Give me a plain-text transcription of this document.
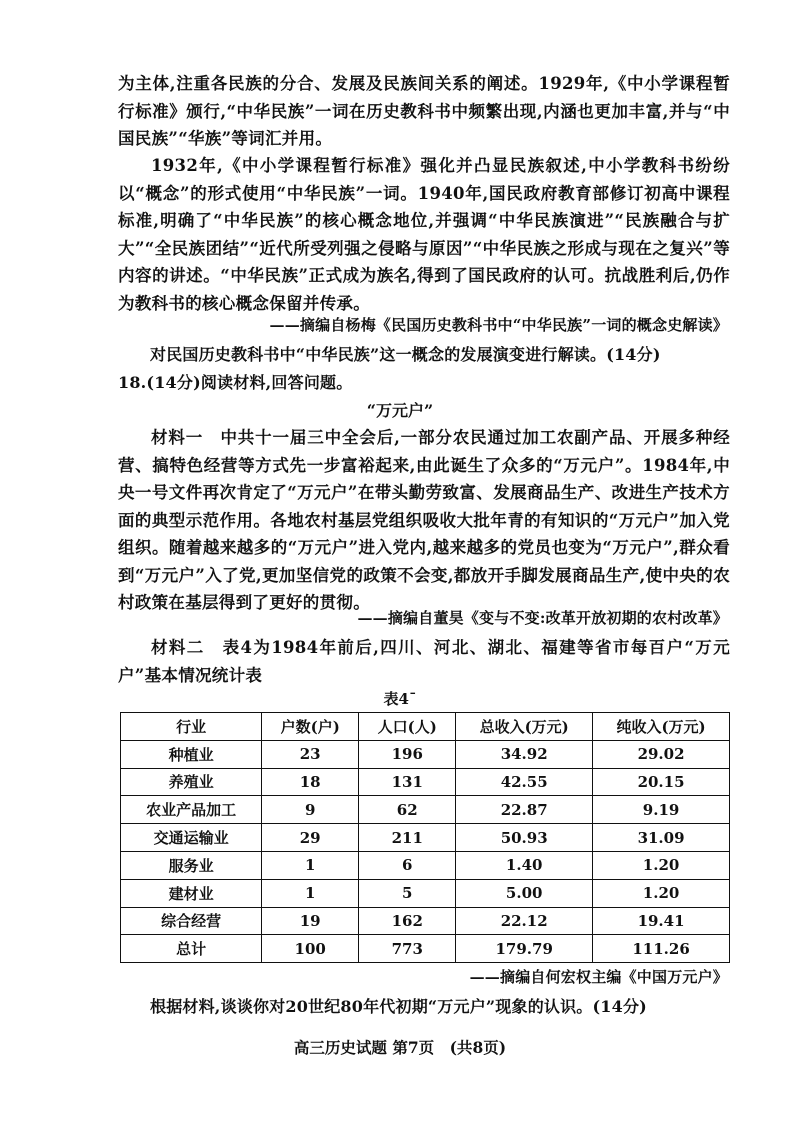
为主体,注重各民族的分合、发展及民族间关系的阐述。1929年,《中小学课程暂行标准》颁行,“中华民族”一词在历史教科书中频繁出现,内涵也更加丰富,并与“中国民族”“华族”等词汇并用。
1932年,《中小学课程暂行标准》强化并凸显民族叙述,中小学教科书纷纷以“概念”的形式使用“中华民族”一词。1940年,国民政府教育部修订初高中课程标准,明确了“中华民族”的核心概念地位,并强调“中华民族演进”“民族融合与扩大”“全民族团结”“近代所受列强之侵略与原因”“中华民族之形成与现在之复兴”等内容的讲述。“中华民族”正式成为族名,得到了国民政府的认可。抗战胜利后,仍作为教科书的核心概念保留并传承。
——摘编自杨梅《民国历史教科书中“中华民族”一词的概念史解读》
对民国历史教科书中“中华民族”这一概念的发展演变进行解读。(14分)
18.(14分)阅读材料,回答问题。
“万元户”
材料一　中共十一届三中全会后,一部分农民通过加工农副产品、开展多种经营、搞特色经营等方式先一步富裕起来,由此诞生了众多的“万元户”。1984年,中央一号文件再次肯定了“万元户”在带头勤劳致富、发展商品生产、改进生产技术方面的典型示范作用。各地农村基层党组织吸收大批年青的有知识的“万元户”加入党组织。随着越来越多的“万元户”进入党内,越来越多的党员也变为“万元户”,群众看到“万元户”入了党,更加坚信党的政策不会变,都放开手脚发展商品生产,使中央的农村政策在基层得到了更好的贯彻。
——摘编自董昊《变与不变:改革开放初期的农村改革》
材料二　表4为1984年前后,四川、河北、湖北、福建等省市每百户“万元户”基本情况统计表
表4ˉ
行业	户数(户)	人口(人)	总收入(万元)	纯收入(万元)
种植业	23	196	34.92	29.02
养殖业	18	131	42.55	20.15
农业产品加工	9	62	22.87	9.19
交通运输业	29	211	50.93	31.09
服务业	1	6	1.40	1.20
建材业	1	5	5.00	1.20
综合经营	19	162	22.12	19.41
总计	100	773	179.79	111.26
——摘编自何宏权主编《中国万元户》
根据材料,谈谈你对20世纪80年代初期“万元户”现象的认识。(14分)
高三历史试题 第7页　(共8页)
